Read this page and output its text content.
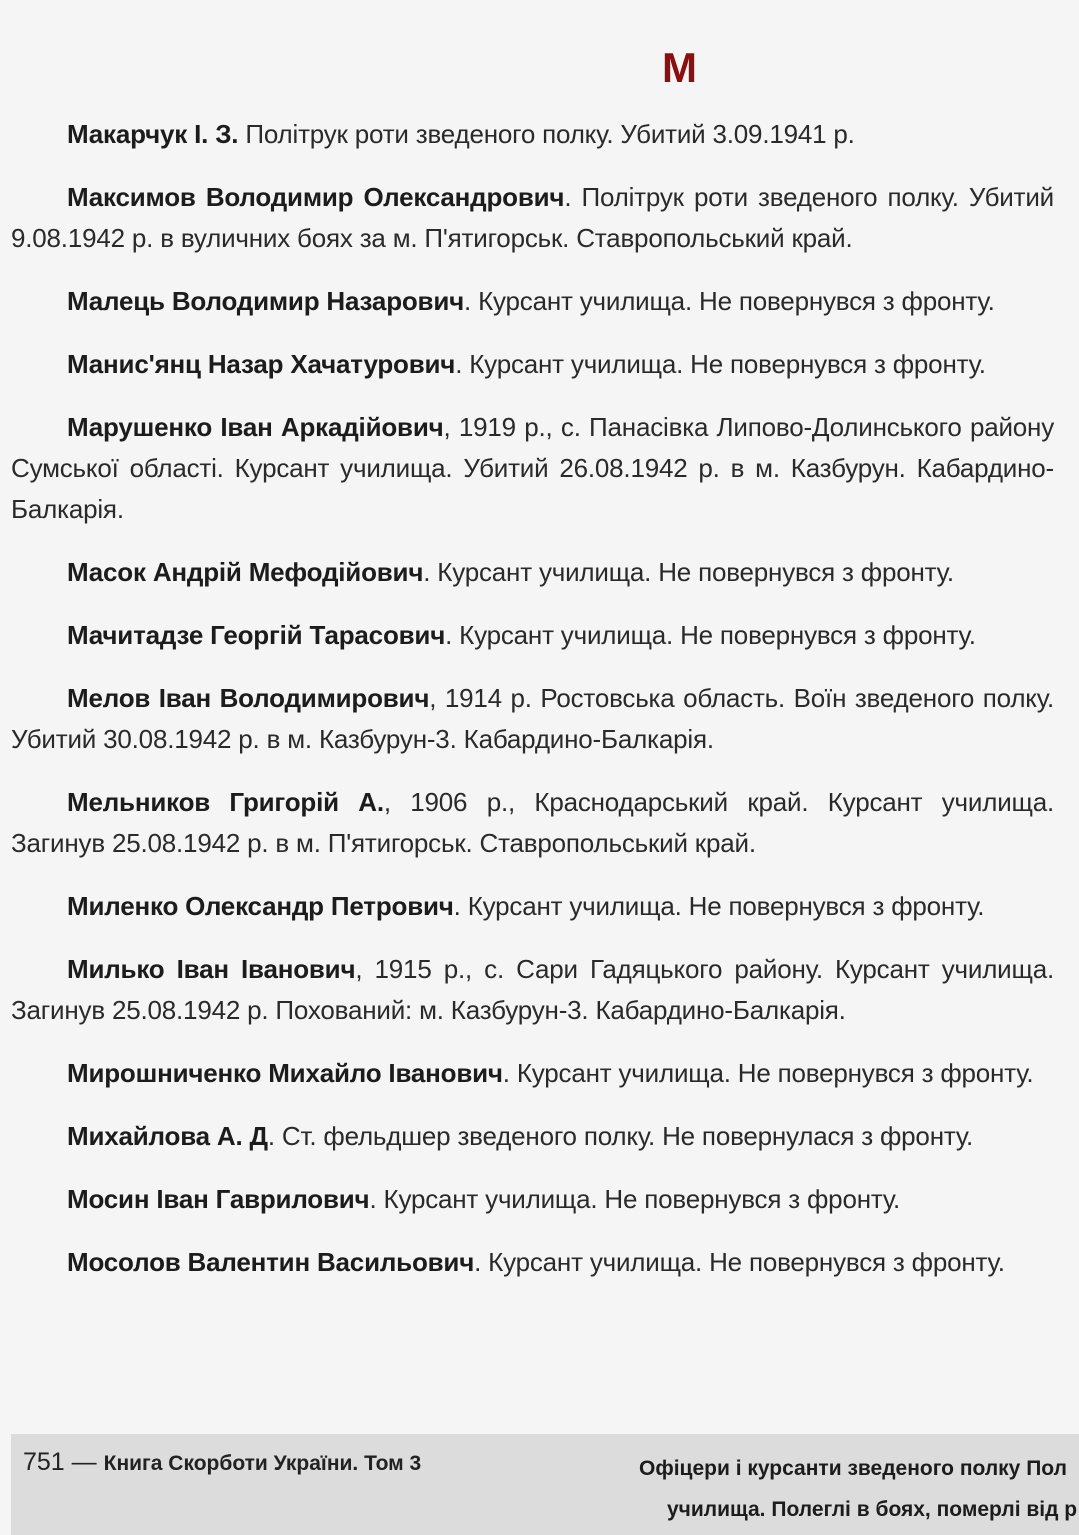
М

Макарчук І. З. Політрук роти зведеного полку. Убитий 3.09.1941 р.

Максимов Володимир Олександрович. Політрук роти зведеного полку. Убитий 9.08.1942 р. в вуличних боях за м. П'ятигорськ. Ставропольський край.

Малець Володимир Назарович. Курсант училища. Не повернувся з фронту.

Манис'янц Назар Хачатурович. Курсант училища. Не повернувся з фронту.

Марушенко Іван Аркадійович, 1919 р., с. Панасівка Липово-Долинського району Сумської області. Курсант училища. Убитий 26.08.1942 р. в м. Казбурун. Кабардино-Балкарія.

Масок Андрій Мефодійович. Курсант училища. Не повернувся з фронту.

Мачитадзе Георгій Тарасович. Курсант училища. Не повернувся з фронту.

Мелов Іван Володимирович, 1914 р. Ростовська область. Воїн зведеного полку. Убитий 30.08.1942 р. в м. Казбурун-3. Кабардино-Балкарія.

Мельников Григорій А., 1906 р., Краснодарський край. Курсант училища. Загинув 25.08.1942 р. в м. П'ятигорськ. Ставропольський край.

Миленко Олександр Петрович. Курсант училища. Не повернувся з фронту.

Милько Іван Іванович, 1915 р., с. Сари Гадяцького району. Курсант училища. Загинув 25.08.1942 р. Похований: м. Казбурун-3. Кабардино-Балкарія.

Мирошниченко Михайло Іванович. Курсант училища. Не повернувся з фронту.

Михайлова А. Д. Ст. фельдшер зведеного полку. Не повернулася з фронту.

Мосин Іван Гаврилович. Курсант училища. Не повернувся з фронту.

Мосолов Валентин Васильович. Курсант училища. Не повернувся з фронту.

751 — Книга Скорботи України. Том 3	Офіцери і курсанти зведеного полку Пол
училища. Полеглі в боях, померлі від р
